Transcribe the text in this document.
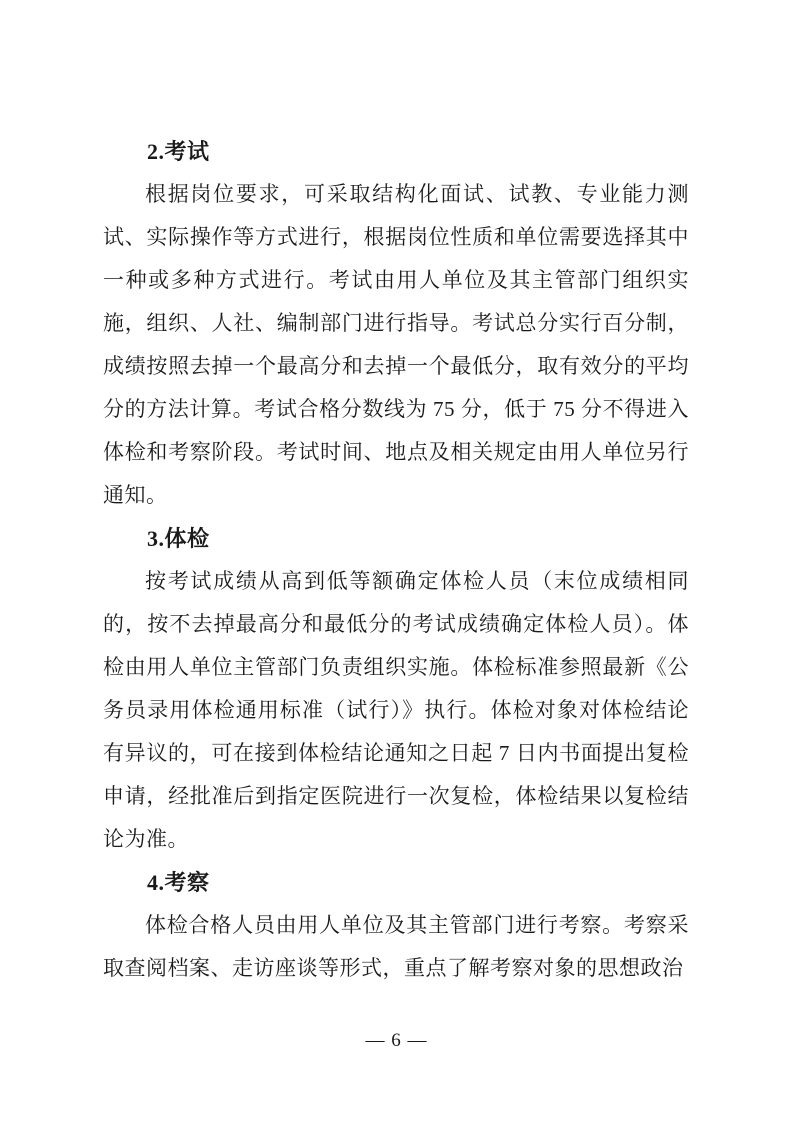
2.考试

根据岗位要求，可采取结构化面试、试教、专业能力测试、实际操作等方式进行，根据岗位性质和单位需要选择其中一种或多种方式进行。考试由用人单位及其主管部门组织实施，组织、人社、编制部门进行指导。考试总分实行百分制，成绩按照去掉一个最高分和去掉一个最低分，取有效分的平均分的方法计算。考试合格分数线为 75 分，低于 75 分不得进入体检和考察阶段。考试时间、地点及相关规定由用人单位另行通知。

3.体检

按考试成绩从高到低等额确定体检人员（末位成绩相同的，按不去掉最高分和最低分的考试成绩确定体检人员）。体检由用人单位主管部门负责组织实施。体检标准参照最新《公务员录用体检通用标准（试行）》执行。体检对象对体检结论有异议的，可在接到体检结论通知之日起 7 日内书面提出复检申请，经批准后到指定医院进行一次复检，体检结果以复检结论为准。

4.考察

体检合格人员由用人单位及其主管部门进行考察。考察采取查阅档案、走访座谈等形式，重点了解考察对象的思想政治

— 6 —
